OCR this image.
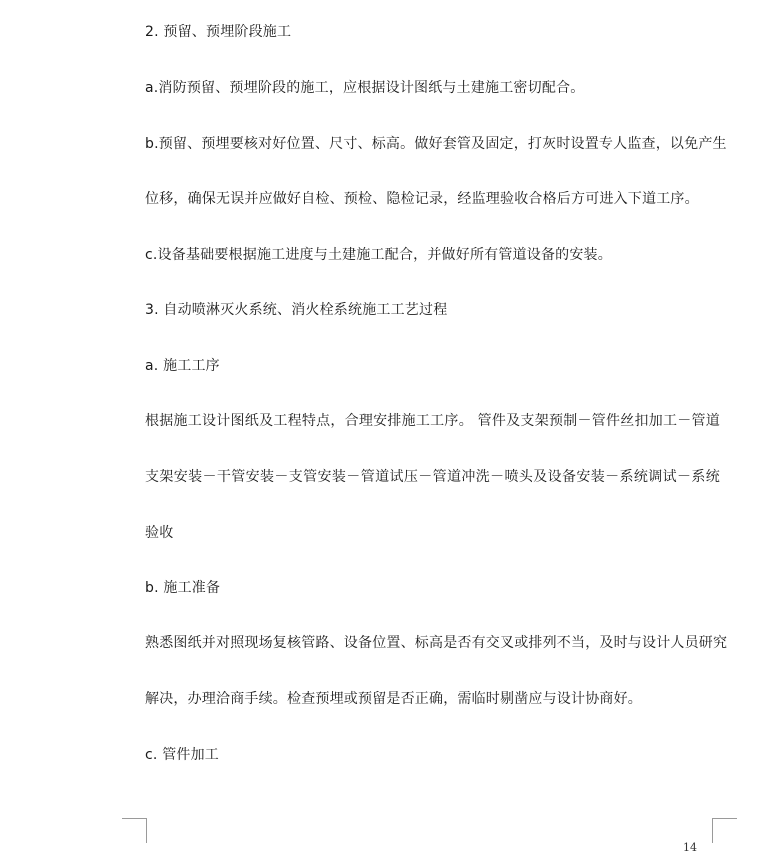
2. 预留、预埋阶段施工
a.消防预留、预埋阶段的施工，应根据设计图纸与土建施工密切配合。
b.预留、预埋要核对好位置、尺寸、标高。做好套管及固定，打灰时设置专人监查，以免产生
位移，确保无误并应做好自检、预检、隐检记录，经监理验收合格后方可进入下道工序。
c.设备基础要根据施工进度与土建施工配合，并做好所有管道设备的安装。
3. 自动喷淋灭火系统、消火栓系统施工工艺过程
a. 施工工序
根据施工设计图纸及工程特点，合理安排施工工序。 管件及支架预制－管件丝扣加工－管道
支架安装－干管安装－支管安装－管道试压－管道冲洗－喷头及设备安装－系统调试－系统
验收
b. 施工准备
熟悉图纸并对照现场复核管路、设备位置、标高是否有交叉或排列不当，及时与设计人员研究
解决，办理洽商手续。检查预埋或预留是否正确，需临时剔凿应与设计协商好。
c. 管件加工
14
